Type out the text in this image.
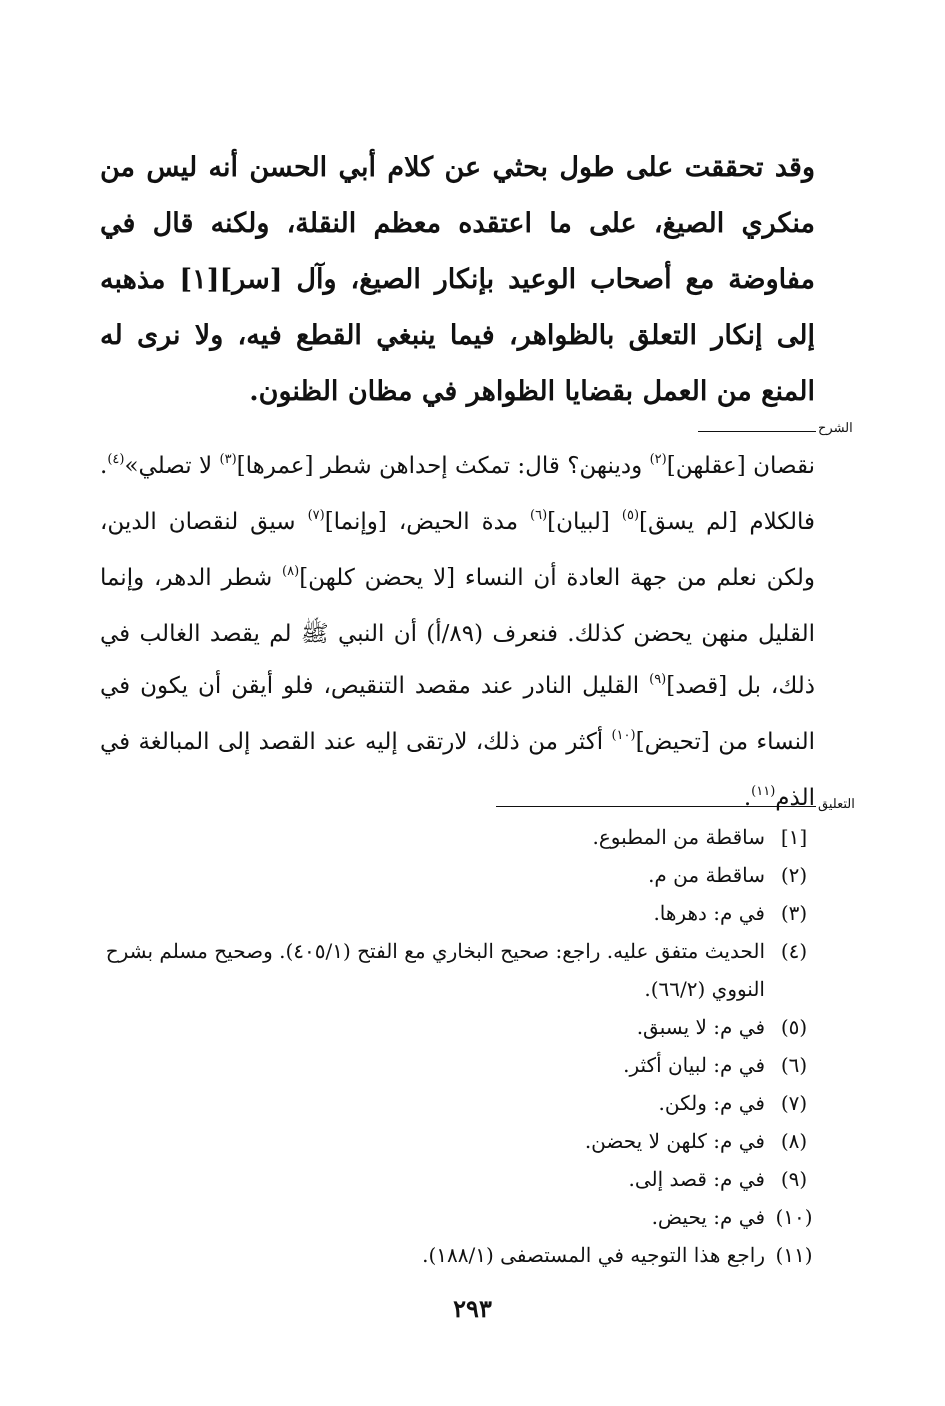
وقد تحققت على طول بحثي عن كلام أبي الحسن أنه ليس من منكري الصيغ، على ما اعتقده معظم النقلة، ولكنه قال في مفاوضة مع أصحاب الوعيد بإنكار الصيغ، وآل [سر][١] مذهبه إلى إنكار التعلق بالظواهر، فيما ينبغي القطع فيه، ولا نرى له المنع من العمل بقضايا الظواهر في مظان الظنون.
الشرح
نقصان [عقلهن]$^{(٢)}$ ودينهن؟ قال: تمكث إحداهن شطر [عمرها]$^{(٣)}$ لا تصلي»$^{(٤)}$. فالكلام [لم يسق]$^{(٥)}$ [لبيان]$^{(٦)}$ مدة الحيض، [وإنما]$^{(٧)}$ سيق لنقصان الدين، ولكن نعلم من جهة العادة أن النساء [لا يحضن كلهن]$^{(٨)}$ شطر الدهر، وإنما القليل منهن يحضن كذلك. فنعرف (٨٩/أ) أن النبي ﷺ لم يقصد الغالب في ذلك، بل [قصد]$^{(٩)}$ القليل النادر عند مقصد التنقيص، فلو أيقن أن يكون في النساء من [تحيض]$^{(١٠)}$ أكثر من ذلك، لارتقى إليه عند القصد إلى المبالغة في الذم$^{(١١)}$.	التعليق
[١]
ساقطة من المطبوع.
(٢)
ساقطة من م.
(٣)
في م: دهرها.
(٤)
الحديث متفق عليه. راجع: صحيح البخاري مع الفتح (٤٠٥/١). وصحيح مسلم بشرح النووي (٦٦/٢).
(٥)
في م: لا يسبق.
(٦)
في م: لبيان أكثر.
(٧)
في م: ولكن.
(٨)
في م: كلهن لا يحضن.
(٩)
في م: قصد إلى.
(١٠)
في م: يحيض.
(١١)
راجع هذا التوجيه في المستصفى (١٨٨/١).
٢٩٣
